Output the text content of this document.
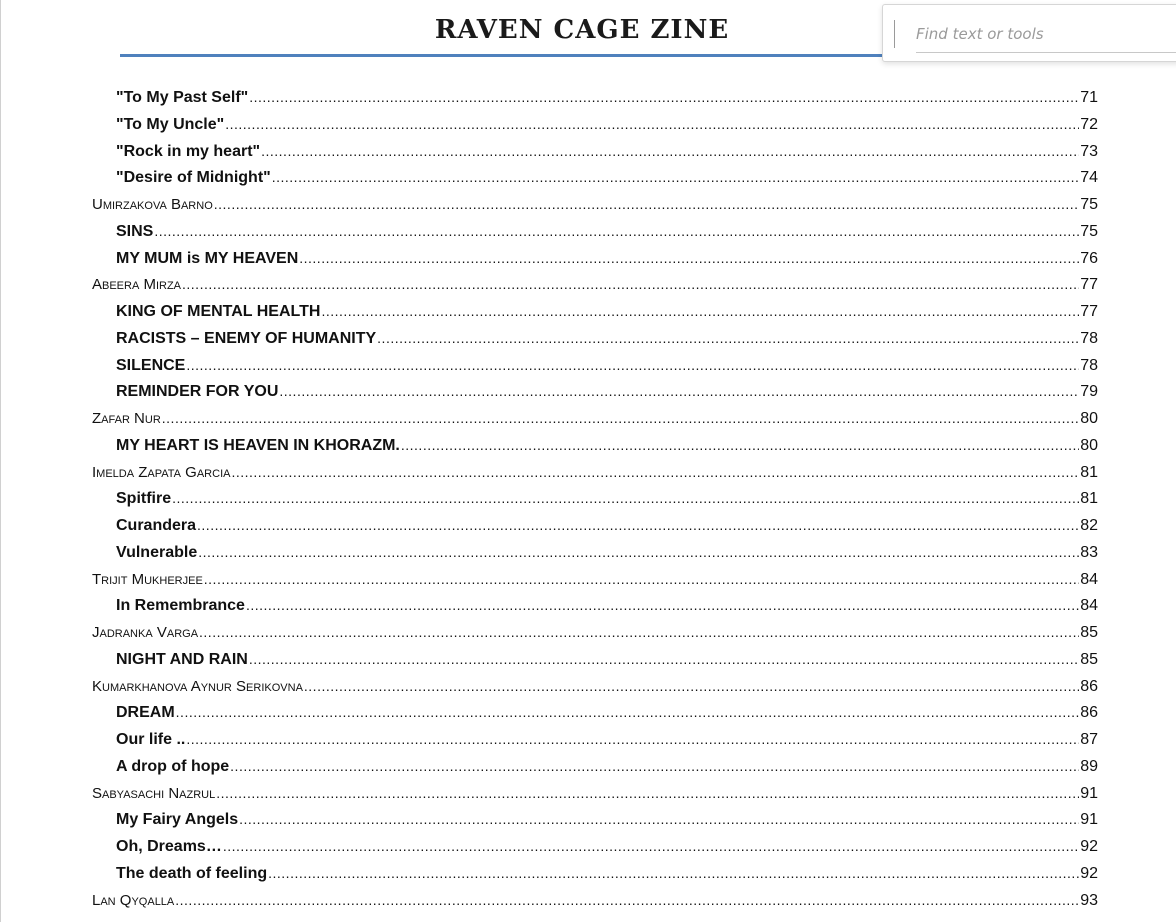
RAVEN CAGE ZINE
Find text or tools
"To My Past Self" .....	71
"To My Uncle" .....	72
"Rock in my heart" .....	73
"Desire of Midnight" .....	74
Umirzakova Barno .....	75
SINS .....	75
MY MUM is MY HEAVEN .....	76
Abeera Mirza .....	77
KING OF MENTAL HEALTH .....	77
RACISTS – ENEMY OF HUMANITY .....	78
SILENCE .....	78
REMINDER FOR YOU .....	79
Zafar Nur .....	80
MY HEART IS HEAVEN IN KHORAZM. .....	80
Imelda Zapata Garcia .....	81
Spitfire .....	81
Curandera .....	82
Vulnerable .....	83
Trijit Mukherjee .....	84
In Remembrance .....	84
Jadranka Varga .....	85
NIGHT AND RAIN .....	85
Kumarkhanova Aynur Serikovna .....	86
DREAM .....	86
Our life .. .....	87
A drop of hope .....	89
Sabyasachi Nazrul .....	91
My Fairy Angels .....	91
Oh, Dreams… .....	92
The death of feeling .....	92
Lan Qyqalla .....	93
